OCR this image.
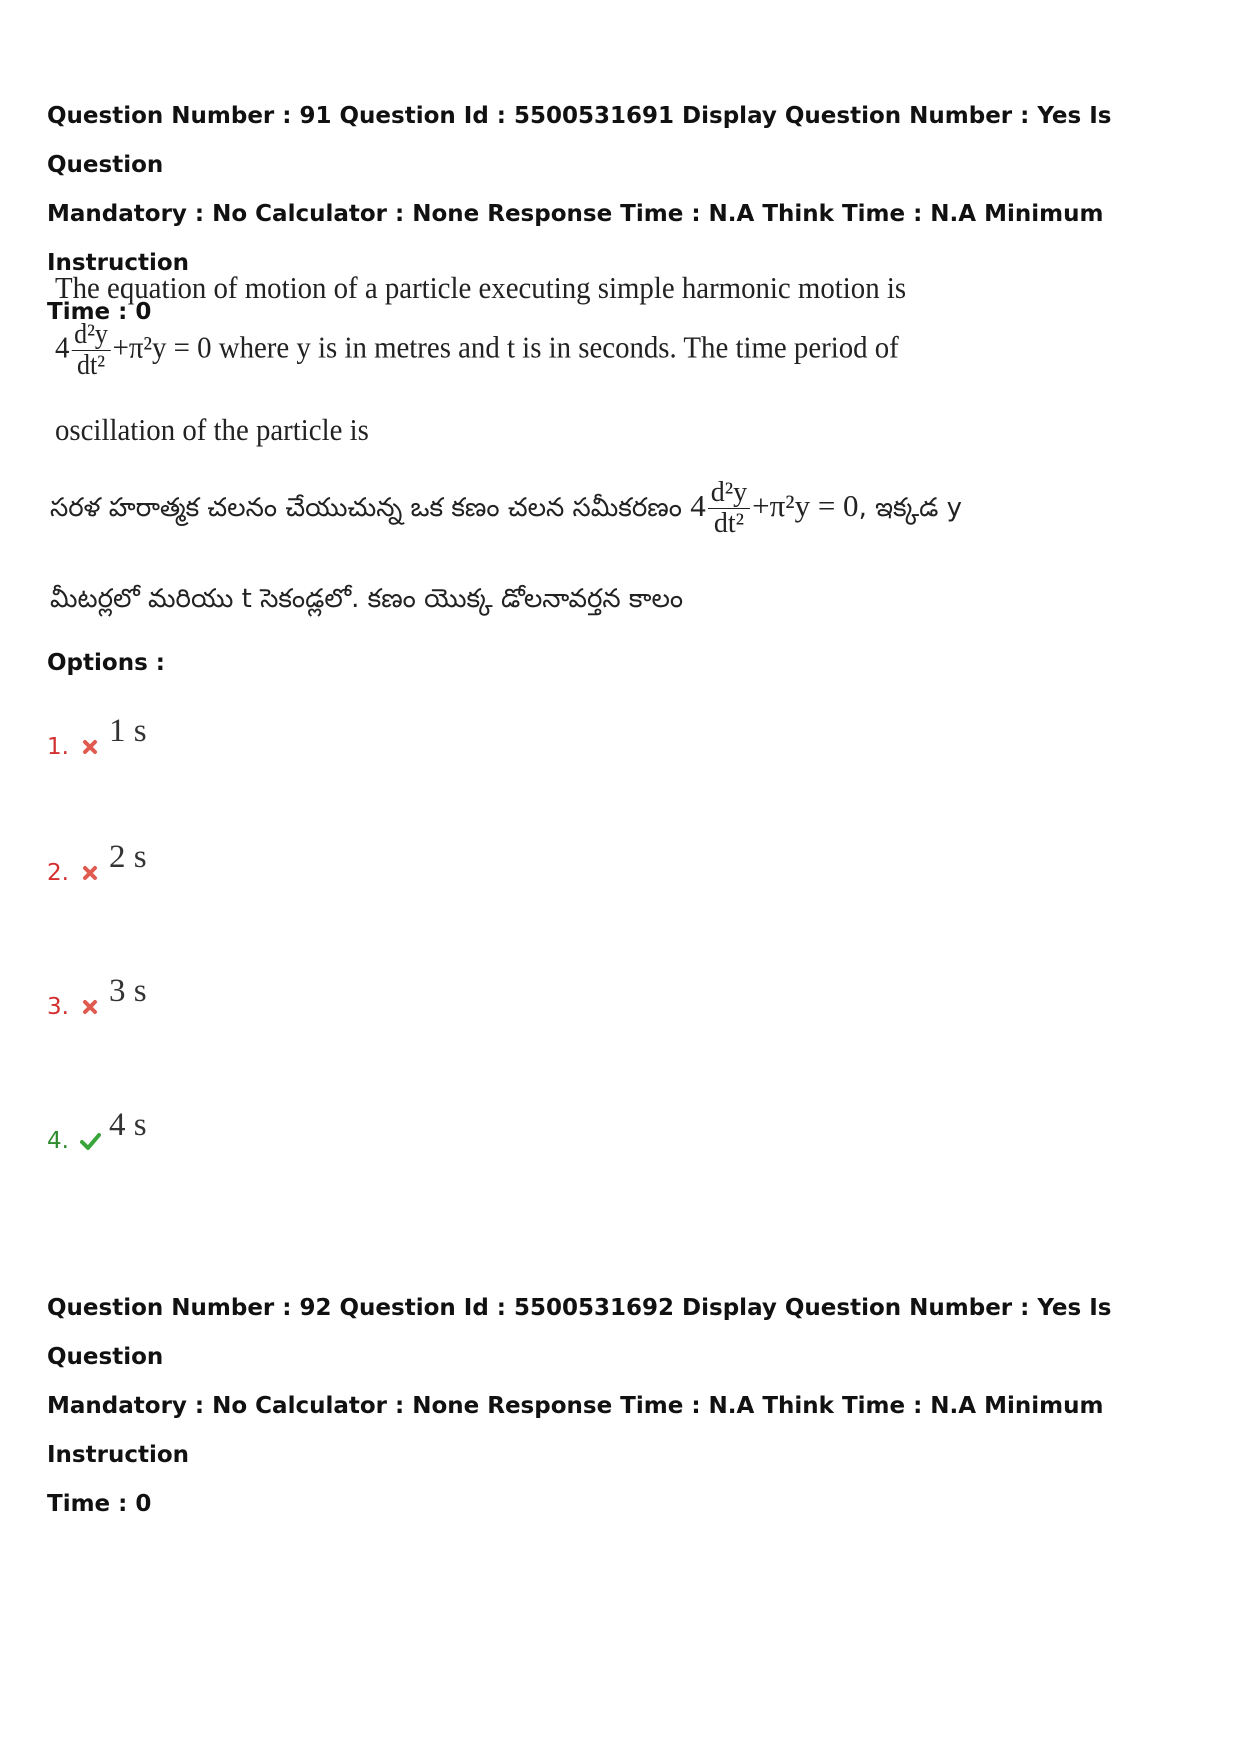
Question Number : 91 Question Id : 5500531691 Display Question Number : Yes Is Question
Mandatory : No Calculator : None Response Time : N.A Think Time : N.A Minimum Instruction
Time : 0
The equation of motion of a particle executing simple harmonic motion is
$4 \frac{\text{d²y}}{\text{dt²}} +\pi^2y = 0$ where y is in metres and t is in seconds. The time period of
oscillation of the particle is
సరళ హరాత్మక చలనం చేయుచున్న ఒక కణం చలన సమీకరణం $4 \frac{\text{d²y}}{\text{dt²}} +\pi^2y = 0$, ఇక్కడ y
మీటర్లలో మరియు t సెకండ్లలో. కణం యొక్క డోలనావర్తన కాలం
Options :
1. 1 s
2. 2 s
3. 3 s
4. 4 s
Question Number : 92 Question Id : 5500531692 Display Question Number : Yes Is Question
Mandatory : No Calculator : None Response Time : N.A Think Time : N.A Minimum Instruction
Time : 0
